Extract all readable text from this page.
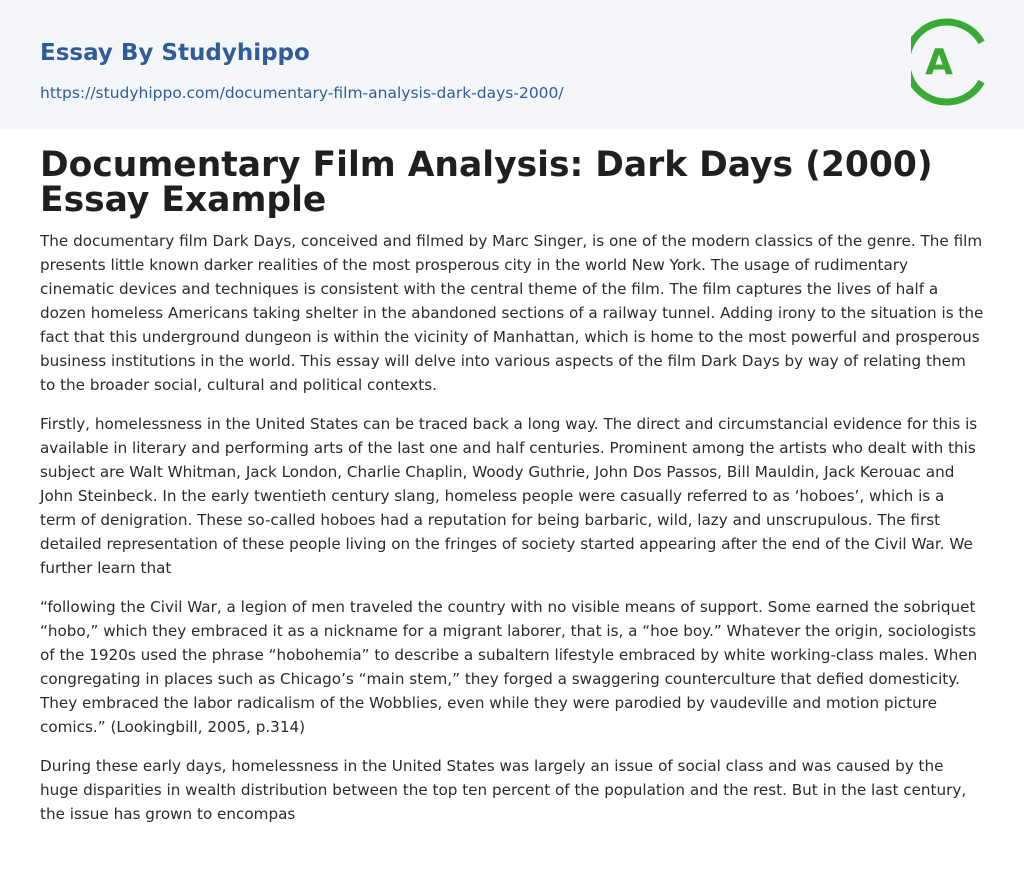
Essay By Studyhippo
https://studyhippo.com/documentary-film-analysis-dark-days-2000/
A
Documentary Film Analysis: Dark Days (2000) Essay Example

The documentary film Dark Days, conceived and filmed by Marc Singer, is one of the modern classics of the genre. The film presents little known darker realities of the most prosperous city in the world New York. The usage of rudimentary cinematic devices and techniques is consistent with the central theme of the film. The film captures the lives of half a dozen homeless Americans taking shelter in the abandoned sections of a railway tunnel. Adding irony to the situation is the fact that this underground dungeon is within the vicinity of Manhattan, which is home to the most powerful and prosperous business institutions in the world. This essay will delve into various aspects of the film Dark Days by way of relating them to the broader social, cultural and political contexts.

Firstly, homelessness in the United States can be traced back a long way. The direct and circumstancial evidence for this is available in literary and performing arts of the last one and half centuries. Prominent among the artists who dealt with this subject are Walt Whitman, Jack London, Charlie Chaplin, Woody Guthrie, John Dos Passos, Bill Mauldin, Jack Kerouac and John Steinbeck. In the early twentieth century slang, homeless people were casually referred to as ‘hoboes’, which is a term of denigration. These so-called hoboes had a reputation for being barbaric, wild, lazy and unscrupulous. The first detailed representation of these people living on the fringes of society started appearing after the end of the Civil War. We further learn that

“following the Civil War, a legion of men traveled the country with no visible means of support. Some earned the sobriquet “hobo,” which they embraced it as a nickname for a migrant laborer, that is, a “hoe boy.” Whatever the origin, sociologists of the 1920s used the phrase “hobohemia” to describe a subaltern lifestyle embraced by white working-class males. When congregating in places such as Chicago’s “main stem,” they forged a swaggering counterculture that defied domesticity. They embraced the labor radicalism of the Wobblies, even while they were parodied by vaudeville and motion picture comics.” (Lookingbill, 2005, p.314)

During these early days, homelessness in the United States was largely an issue of social class and was caused by the huge disparities in wealth distribution between the top ten percent of the population and the rest. But in the last century, the issue has grown to encompas
